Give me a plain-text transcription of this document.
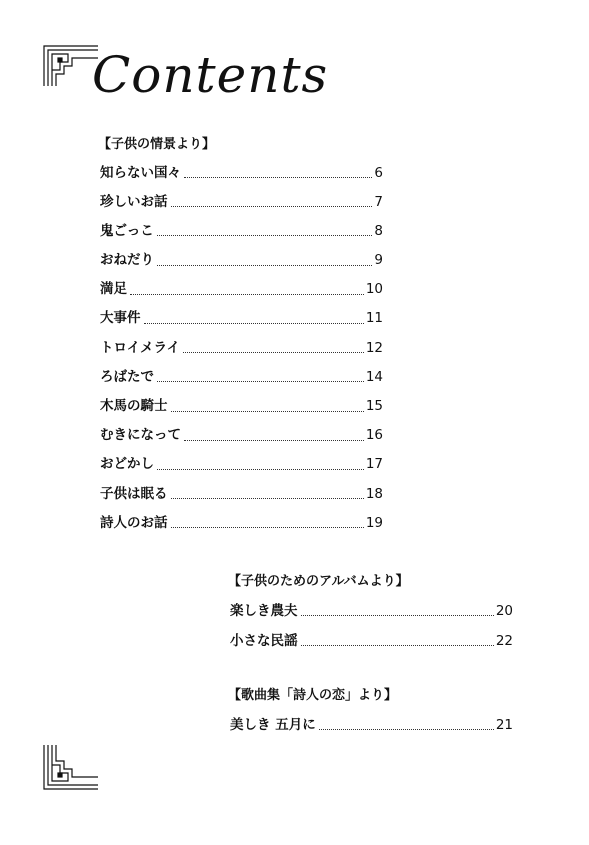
Contents
【子供の情景より】
知らない国々	6
珍しいお話	7
鬼ごっこ	8
おねだり	9
満足	10
大事件	11
トロイメライ	12
ろばたで	14
木馬の騎士	15
むきになって	16
おどかし	17
子供は眠る	18
詩人のお話	19
【子供のためのアルバムより】
楽しき農夫	20
小さな民謡	22
【歌曲集「詩人の恋」より】
美しき 五月に	21
